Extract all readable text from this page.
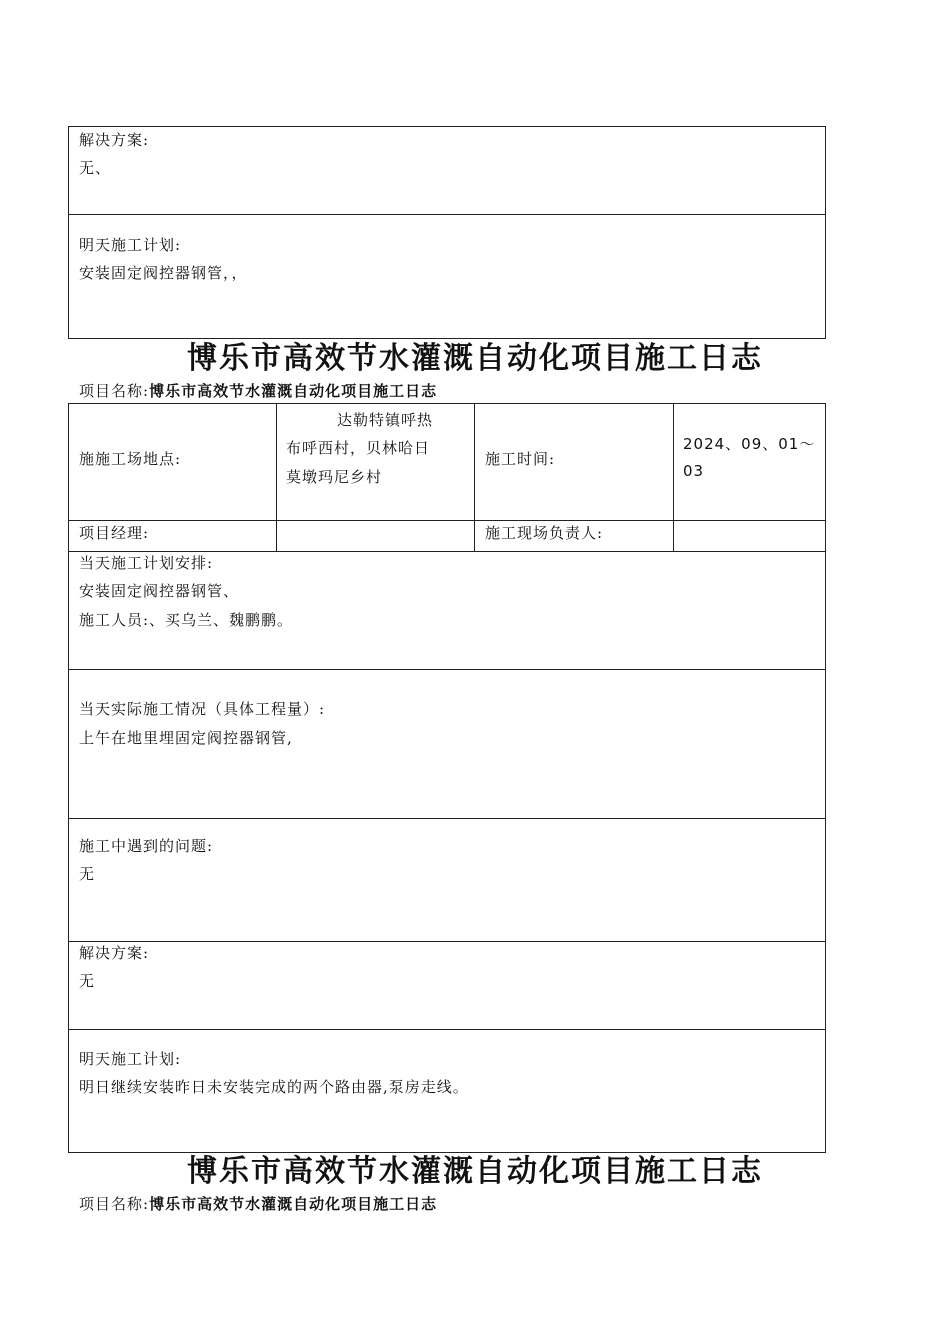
解决方案:
无、
明天施工计划:
安装固定阀控器钢管，，
博乐市高效节水灌溉自动化项目施工日志
项目名称:博乐市高效节水灌溉自动化项目施工日志
施施工场地点:
达勒特镇呼热
布呼西村，贝林哈日
莫墩玛尼乡村
施工时间:
2024、09、01～
03
项目经理:	施工现场负责人:
当天施工计划安排:
安装固定阀控器钢管、
施工人员:、买乌兰、魏鹏鹏。
当天实际施工情况（具体工程量）:
上午在地里埋固定阀控器钢管,
施工中遇到的问题:
无
解决方案:
无
明天施工计划:
明日继续安装昨日未安装完成的两个路由器,泵房走线。
博乐市高效节水灌溉自动化项目施工日志
项目名称:博乐市高效节水灌溉自动化项目施工日志
